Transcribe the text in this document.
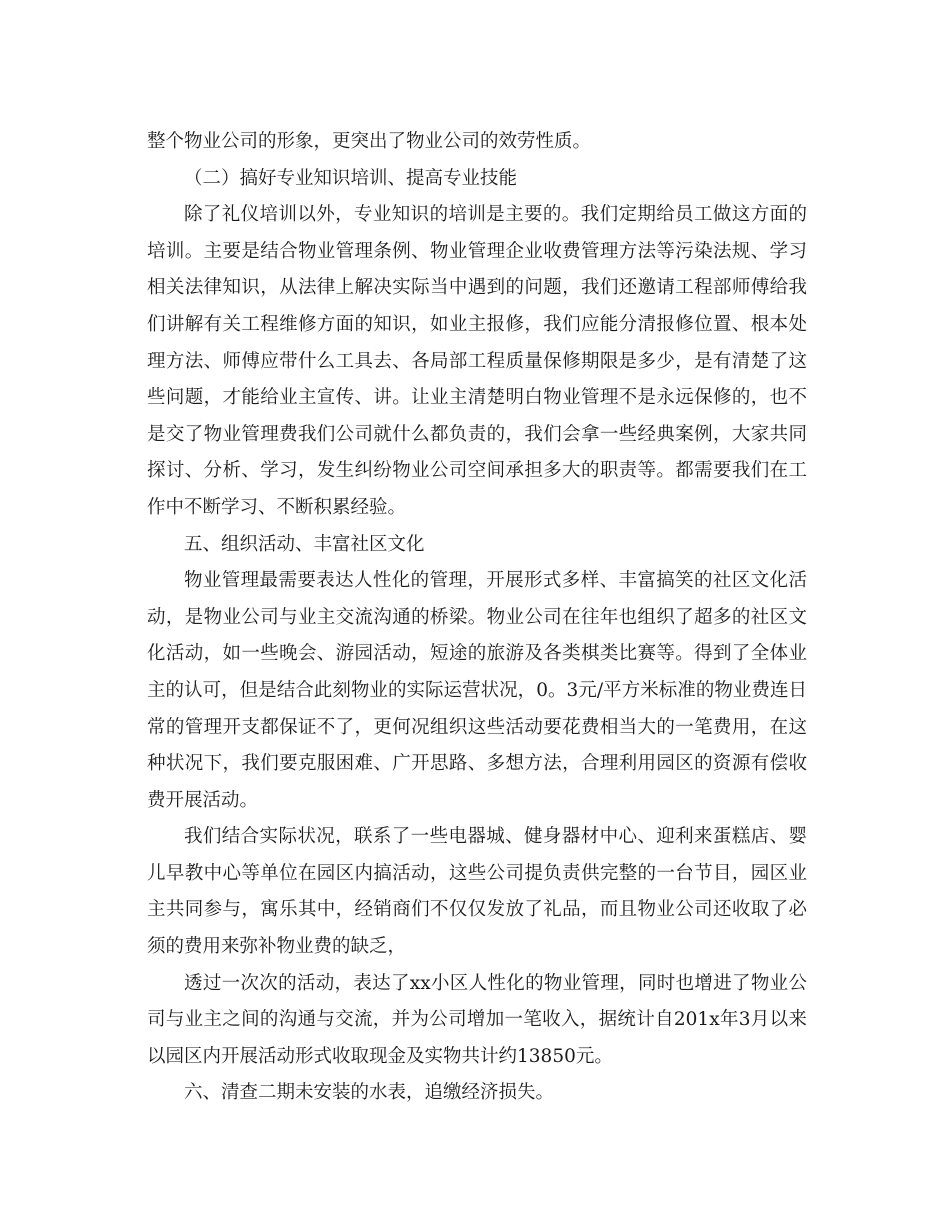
整个物业公司的形象，更突出了物业公司的效劳性质。

（二）搞好专业知识培训、提高专业技能

除了礼仪培训以外，专业知识的培训是主要的。我们定期给员工做这方面的培训。主要是结合物业管理条例、物业管理企业收费管理方法等污染法规、学习相关法律知识，从法律上解决实际当中遇到的问题，我们还邀请工程部师傅给我们讲解有关工程维修方面的知识，如业主报修，我们应能分清报修位置、根本处理方法、师傅应带什么工具去、各局部工程质量保修期限是多少，是有清楚了这些问题，才能给业主宣传、讲。让业主清楚明白物业管理不是永远保修的，也不是交了物业管理费我们公司就什么都负责的，我们会拿一些经典案例，大家共同探讨、分析、学习，发生纠纷物业公司空间承担多大的职责等。都需要我们在工作中不断学习、不断积累经验。

五、组织活动、丰富社区文化

物业管理最需要表达人性化的管理，开展形式多样、丰富搞笑的社区文化活动，是物业公司与业主交流沟通的桥梁。物业公司在往年也组织了超多的社区文化活动，如一些晚会、游园活动，短途的旅游及各类棋类比赛等。得到了全体业主的认可，但是结合此刻物业的实际运营状况，0。3元/平方米标准的物业费连日常的管理开支都保证不了，更何况组织这些活动要花费相当大的一笔费用，在这种状况下，我们要克服困难、广开思路、多想方法，合理利用园区的资源有偿收费开展活动。

我们结合实际状况，联系了一些电器城、健身器材中心、迎利来蛋糕店、婴儿早教中心等单位在园区内搞活动，这些公司提负责供完整的一台节目，园区业主共同参与，寓乐其中，经销商们不仅仅发放了礼品，而且物业公司还收取了必须的费用来弥补物业费的缺乏，

透过一次次的活动，表达了xx小区人性化的物业管理，同时也增进了物业公司与业主之间的沟通与交流，并为公司增加一笔收入，据统计自201x年3月以来以园区内开展活动形式收取现金及实物共计约13850元。

六、清查二期未安装的水表，追缴经济损失。
